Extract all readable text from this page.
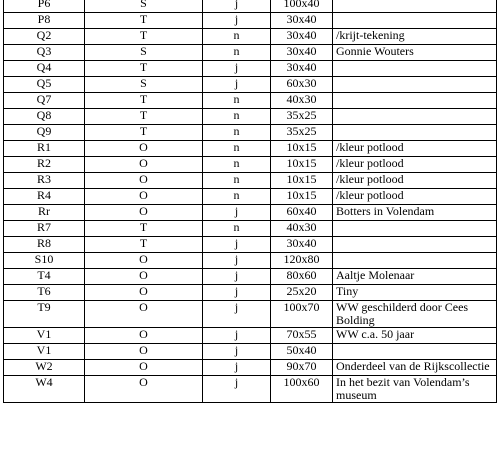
P6	S	j	100x40	
P8	T	j	30x40	
Q2	T	n	30x40	/krijt-tekening
Q3	S	n	30x40	Gonnie Wouters
Q4	T	j	30x40	
Q5	S	j	60x30	
Q7	T	n	40x30	
Q8	T	n	35x25	
Q9	T	n	35x25	
R1	O	n	10x15	/kleur potlood
R2	O	n	10x15	/kleur potlood
R3	O	n	10x15	/kleur potlood
R4	O	n	10x15	/kleur potlood
Rr	O	j	60x40	Botters in Volendam
R7	T	n	40x30	
R8	T	j	30x40	
S10	O	j	120x80	
T4	O	j	80x60	Aaltje Molenaar
T6	O	j	25x20	Tiny
T9	O	j	100x70	WW geschilderd door Cees Bolding
V1	O	j	70x55	WW c.a. 50 jaar
V1	O	j	50x40	
W2	O	j	90x70	Onderdeel van de Rijkscollectie
W4	O	j	100x60	In het bezit van Volendam’s museum
